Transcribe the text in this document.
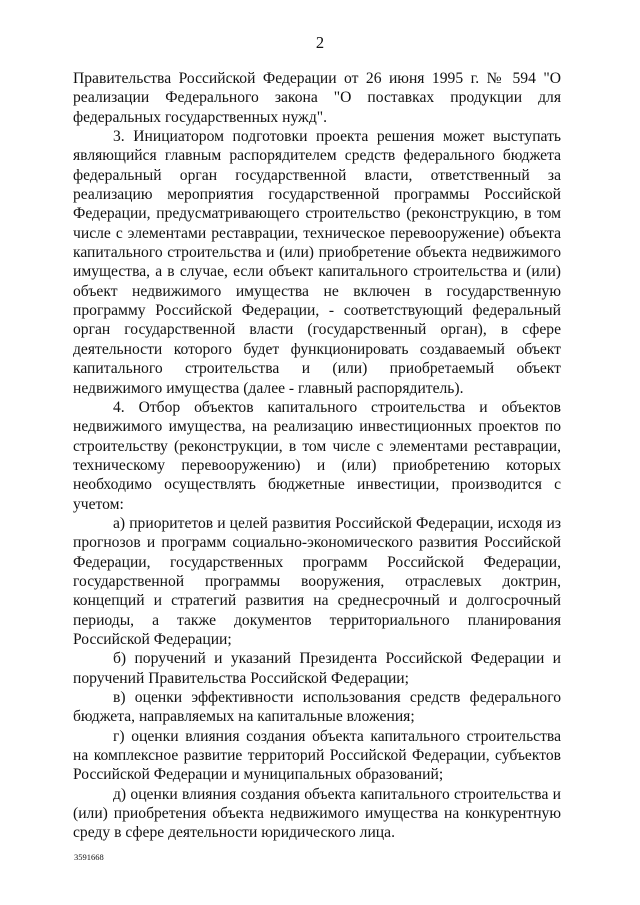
2

Правительства Российской Федерации от 26 июня 1995 г. № 594 "О реализации Федерального закона "О поставках продукции для федеральных государственных нужд".

3. Инициатором подготовки проекта решения может выступать являющийся главным распорядителем средств федерального бюджета федеральный орган государственной власти, ответственный за реализацию мероприятия государственной программы Российской Федерации, предусматривающего строительство (реконструкцию, в том числе с элементами реставрации, техническое перевооружение) объекта капитального строительства и (или) приобретение объекта недвижимого имущества, а в случае, если объект капитального строительства и (или) объект недвижимого имущества не включен в государственную программу Российской Федерации, - соответствующий федеральный орган государственной власти (государственный орган), в сфере деятельности которого будет функционировать создаваемый объект капитального строительства и (или) приобретаемый объект недвижимого имущества (далее - главный распорядитель).

4. Отбор объектов капитального строительства и объектов недвижимого имущества, на реализацию инвестиционных проектов по строительству (реконструкции, в том числе с элементами реставрации, техническому перевооружению) и (или) приобретению которых необходимо осуществлять бюджетные инвестиции, производится с учетом:

а) приоритетов и целей развития Российской Федерации, исходя из прогнозов и программ социально-экономического развития Российской Федерации, государственных программ Российской Федерации, государственной программы вооружения, отраслевых доктрин, концепций и стратегий развития на среднесрочный и долгосрочный периоды, а также документов территориального планирования Российской Федерации;

б) поручений и указаний Президента Российской Федерации и поручений Правительства Российской Федерации;

в) оценки эффективности использования средств федерального бюджета, направляемых на капитальные вложения;

г) оценки влияния создания объекта капитального строительства на комплексное развитие территорий Российской Федерации, субъектов Российской Федерации и муниципальных образований;

д) оценки влияния создания объекта капитального строительства и (или) приобретения объекта недвижимого имущества на конкурентную среду в сфере деятельности юридического лица.

3591668
